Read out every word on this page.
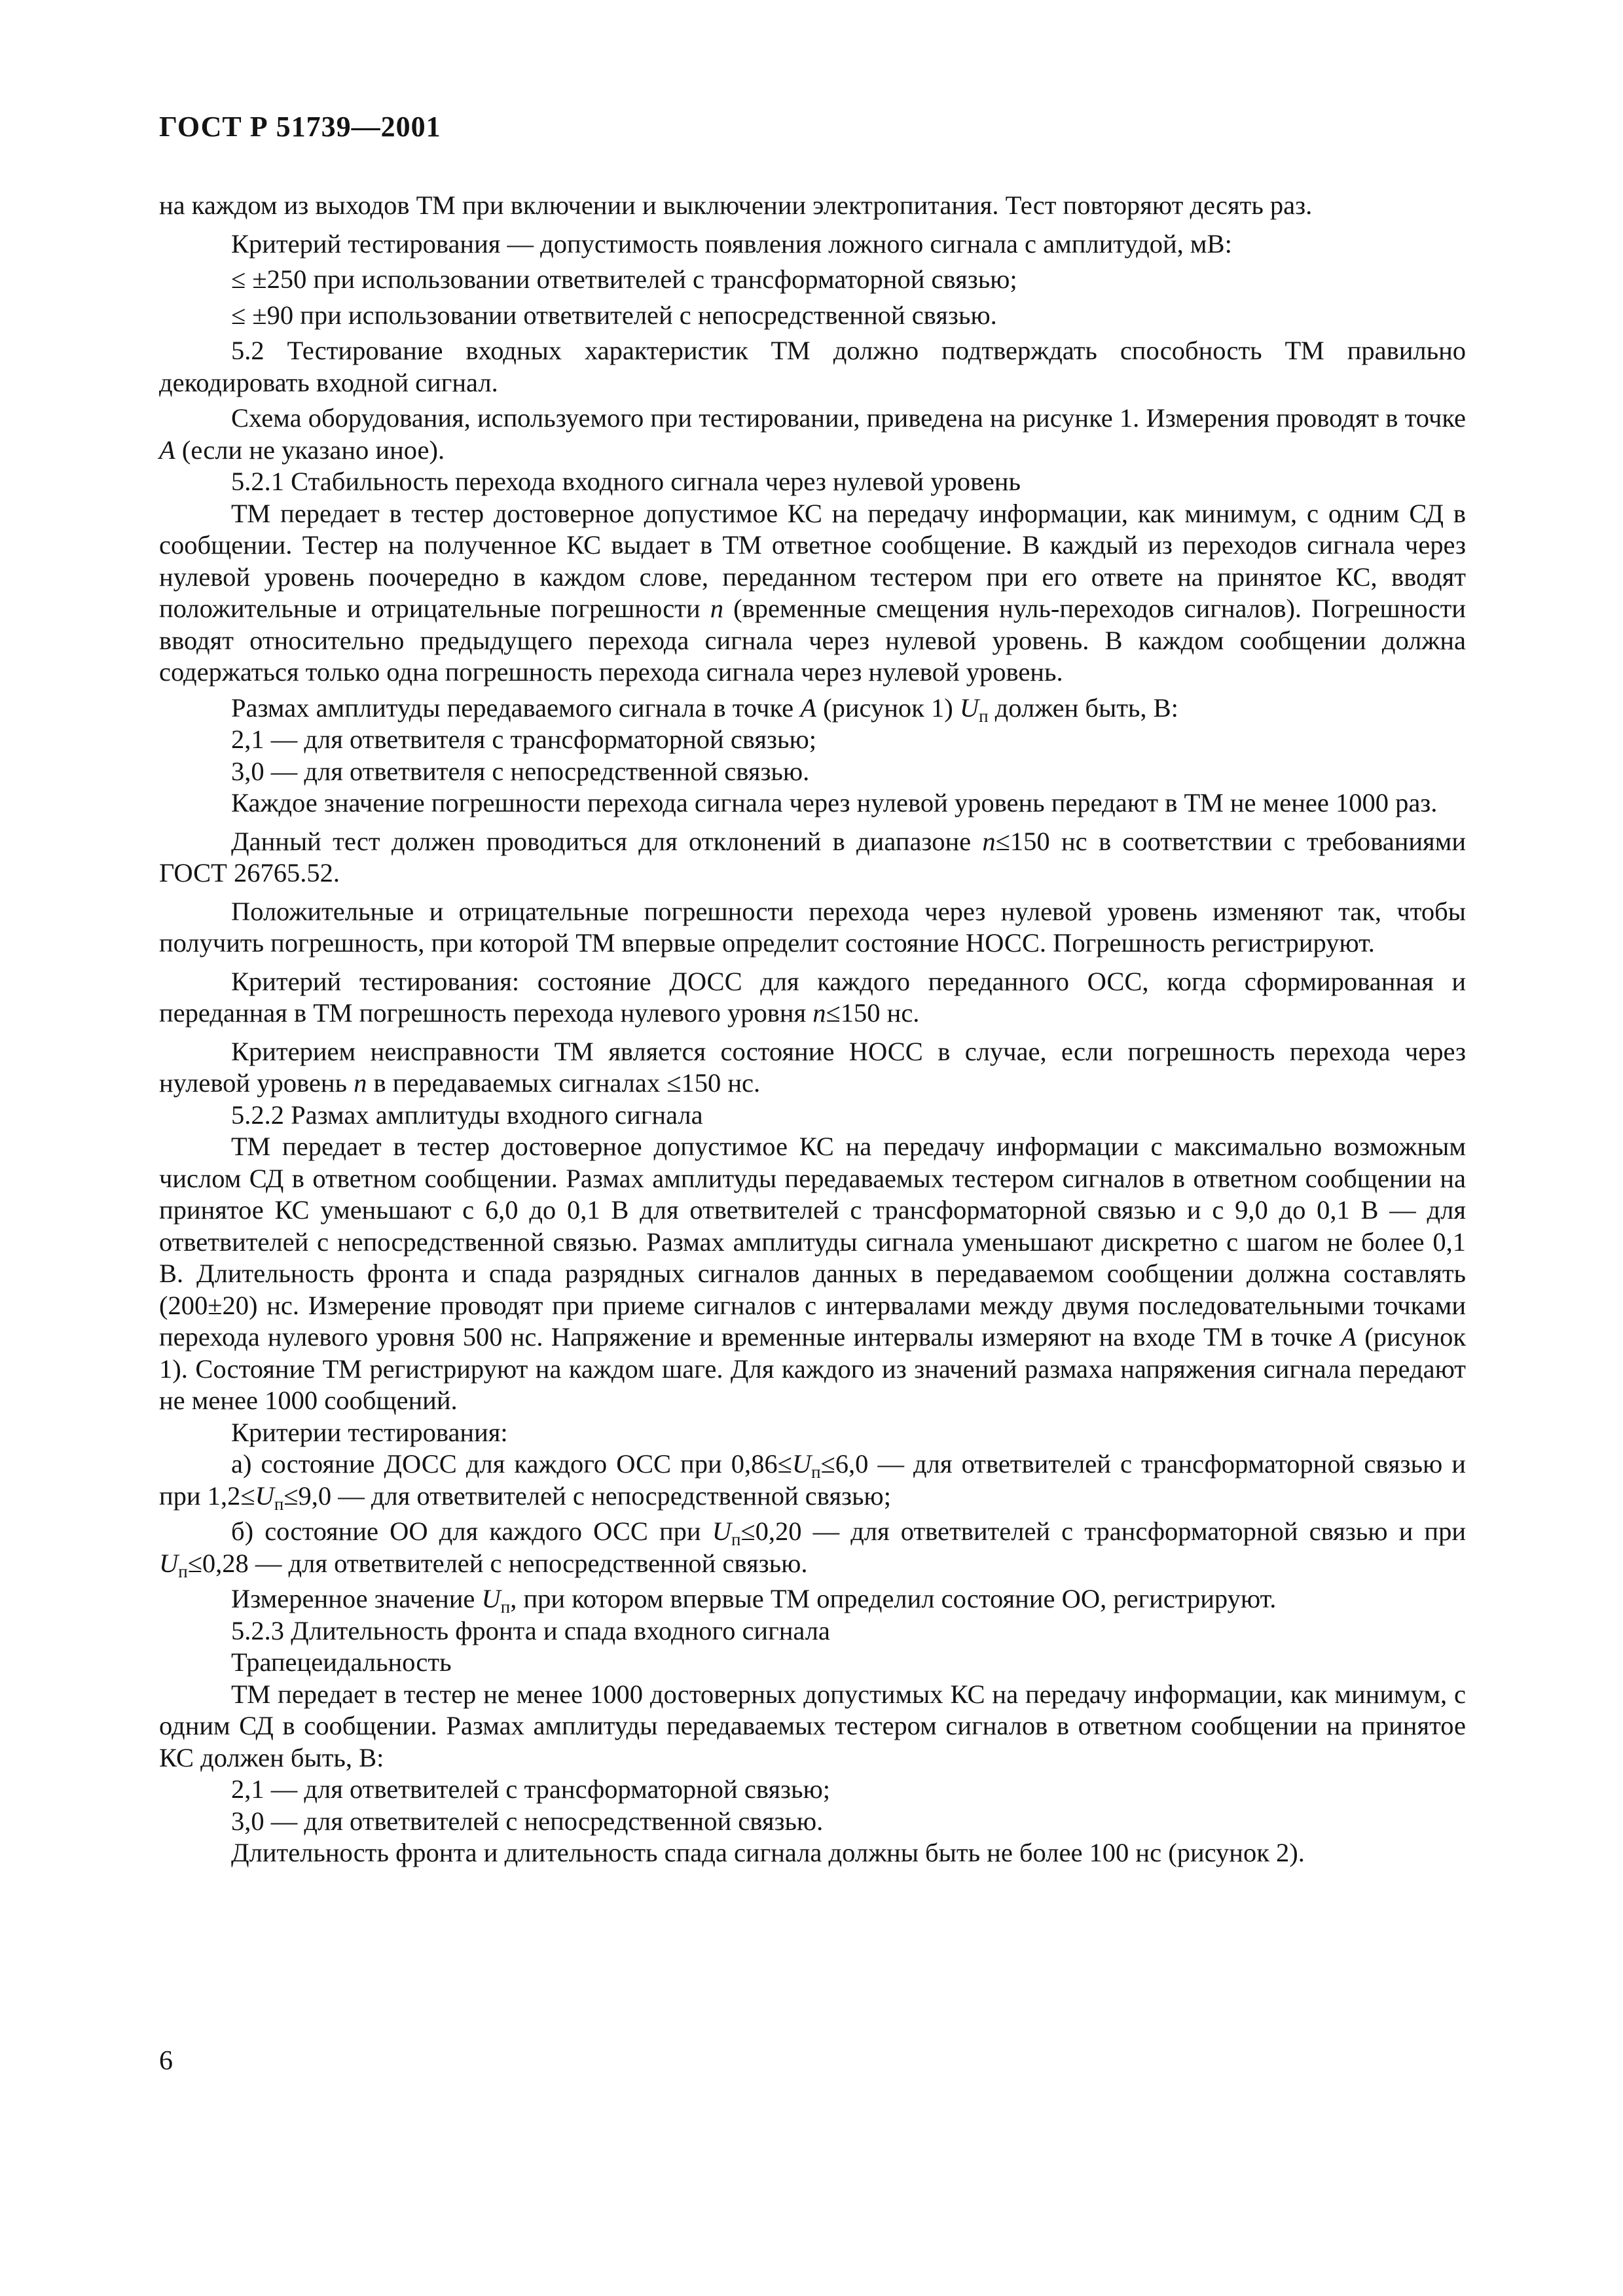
ГОСТ Р 51739—2001

на каждом из выходов ТМ при включении и выключении электропитания. Тест повторяют десять раз.

Критерий тестирования — допустимость появления ложного сигнала с амплитудой, мВ:

≤ ±250 при использовании ответвителей с трансформаторной связью;

≤ ±90 при использовании ответвителей с непосредственной связью.

5.2 Тестирование входных характеристик ТМ должно подтверждать способность ТМ правильно декодировать входной сигнал.

Схема оборудования, используемого при тестировании, приведена на рисунке 1. Измерения проводят в точке А (если не указано иное).

5.2.1 Стабильность перехода входного сигнала через нулевой уровень

ТМ передает в тестер достоверное допустимое КС на передачу информации, как минимум, с одним СД в сообщении. Тестер на полученное КС выдает в ТМ ответное сообщение. В каждый из переходов сигнала через нулевой уровень поочередно в каждом слове, переданном тестером при его ответе на принятое КС, вводят положительные и отрицательные погрешности n (временные смещения нуль-переходов сигналов). Погрешности вводят относительно предыдущего перехода сигнала через нулевой уровень. В каждом сообщении должна содержаться только одна погрешность перехода сигнала через нулевой уровень.

Размах амплитуды передаваемого сигнала в точке А (рисунок 1) $U_п$ должен быть, В:

2,1 — для ответвителя с трансформаторной связью;

3,0 — для ответвителя с непосредственной связью.

Каждое значение погрешности перехода сигнала через нулевой уровень передают в ТМ не менее 1000 раз.

Данный тест должен проводиться для отклонений в диапазоне n≤150 нс в соответствии с требованиями ГОСТ 26765.52.

Положительные и отрицательные погрешности перехода через нулевой уровень изменяют так, чтобы получить погрешность, при которой ТМ впервые определит состояние НОСС. Погрешность регистрируют.

Критерий тестирования: состояние ДОСС для каждого переданного ОСС, когда сформированная и переданная в ТМ погрешность перехода нулевого уровня n≤150 нс.

Критерием неисправности ТМ является состояние НОСС в случае, если погрешность перехода через нулевой уровень n в передаваемых сигналах ≤150 нс.

5.2.2 Размах амплитуды входного сигнала

ТМ передает в тестер достоверное допустимое КС на передачу информации с максимально возможным числом СД в ответном сообщении. Размах амплитуды передаваемых тестером сигналов в ответном сообщении на принятое КС уменьшают с 6,0 до 0,1 В для ответвителей с трансформаторной связью и с 9,0 до 0,1 В — для ответвителей с непосредственной связью. Размах амплитуды сигнала уменьшают дискретно с шагом не более 0,1 В. Длительность фронта и спада разрядных сигналов данных в передаваемом сообщении должна составлять (200±20) нс. Измерение проводят при приеме сигналов с интервалами между двумя последовательными точками перехода нулевого уровня 500 нс. Напряжение и временные интервалы измеряют на входе ТМ в точке А (рисунок 1). Состояние ТМ регистрируют на каждом шаге. Для каждого из значений размаха напряжения сигнала передают не менее 1000 сообщений.

Критерии тестирования:

а) состояние ДОСС для каждого ОСС при $0,86\le U_п\le 6,0$ — для ответвителей с трансформаторной связью и при $1,2\le U_п\le 9,0$ — для ответвителей с непосредственной связью;

б) состояние ОО для каждого ОСС при $U_п\le 0,20$ — для ответвителей с трансформаторной связью и при $U_п\le 0,28$ — для ответвителей с непосредственной связью.

Измеренное значение $U_п$, при котором впервые ТМ определил состояние ОО, регистрируют.

5.2.3 Длительность фронта и спада входного сигнала

Трапецеидальность

ТМ передает в тестер не менее 1000 достоверных допустимых КС на передачу информации, как минимум, с одним СД в сообщении. Размах амплитуды передаваемых тестером сигналов в ответном сообщении на принятое КС должен быть, В:

2,1 — для ответвителей с трансформаторной связью;

3,0 — для ответвителей с непосредственной связью.

Длительность фронта и длительность спада сигнала должны быть не более 100 нс (рисунок 2).

6
